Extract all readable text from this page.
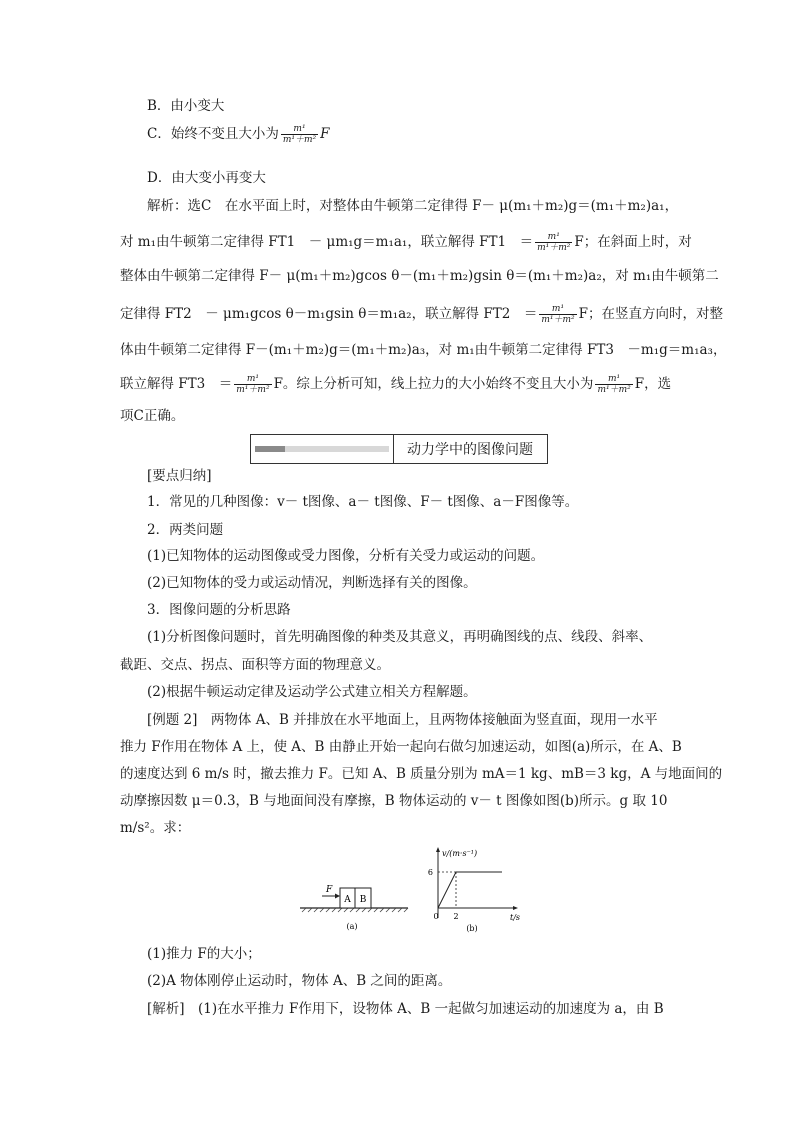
B．由小变大
C．始终不变且大小为 $\frac{\text{m¹}}{\text{m¹＋m²}}$ F
D．由大变小再变大
解析：选C　在水平面上时，对整体由牛顿第二定律得 F－ μ(m₁＋m₂)g＝(m₁＋m₂)a₁，
对 m₁由牛顿第二定律得 FT1　－ μm₁g＝m₁a₁，联立解得 FT1　＝ $\frac{\text{m¹}}{\text{m¹＋m²}}$ F；在斜面上时，对
整体由牛顿第二定律得 F－ μ(m₁＋m₂)gcos θ－(m₁＋m₂)gsin θ＝(m₁＋m₂)a₂，对 m₁由牛顿第二
定律得 FT2　－ μm₁gcos θ－m₁gsin θ＝m₁a₂，联立解得 FT2　＝ $\frac{\text{m¹}}{\text{m¹＋m²}}$ F；在竖直方向时，对整
体由牛顿第二定律得 F－(m₁＋m₂)g＝(m₁＋m₂)a₃，对 m₁由牛顿第二定律得 FT3　－m₁g＝m₁a₃，
联立解得 FT3　＝ $\frac{\text{m¹}}{\text{m¹＋m²}}$ F。综上分析可知，线上拉力的大小始终不变且大小为 $\frac{\text{m¹}}{\text{m¹＋m²}}$ F，选
项C正确。
动力学中的图像问题
[要点归纳]
1．常见的几种图像：v－ t图像、a－ t图像、F－ t图像、a－F图像等。
2．两类问题
(1)已知物体的运动图像或受力图像，分析有关受力或运动的问题。
(2)已知物体的受力或运动情况，判断选择有关的图像。
3．图像问题的分析思路
(1)分析图像问题时，首先明确图像的种类及其意义，再明确图线的点、线段、斜率、
截距、交点、拐点、面积等方面的物理意义。
(2)根据牛顿运动定律及运动学公式建立相关方程解题。
[例题 2]　两物体 A、B 并排放在水平地面上，且两物体接触面为竖直面，现用一水平
推力 F作用在物体 A 上，使 A、B 由静止开始一起向右做匀加速运动，如图(a)所示，在 A、B
的速度达到 6 m/s 时，撤去推力 F。已知 A、B 质量分别为 mA＝1 kg、mB＝3 kg，A 与地面间的
动摩擦因数 μ＝0.3，B 与地面间没有摩擦，B 物体运动的 v－ t 图像如图(b)所示。g 取 10
m/s²。求：
A B
F
(a)
v/(m·s⁻¹)
6
0 2	t/s
(b)
(1)推力 F的大小；
(2)A 物体刚停止运动时，物体 A、B 之间的距离。
[解析]　(1)在水平推力 F作用下，设物体 A、B 一起做匀加速运动的加速度为 a，由 B
